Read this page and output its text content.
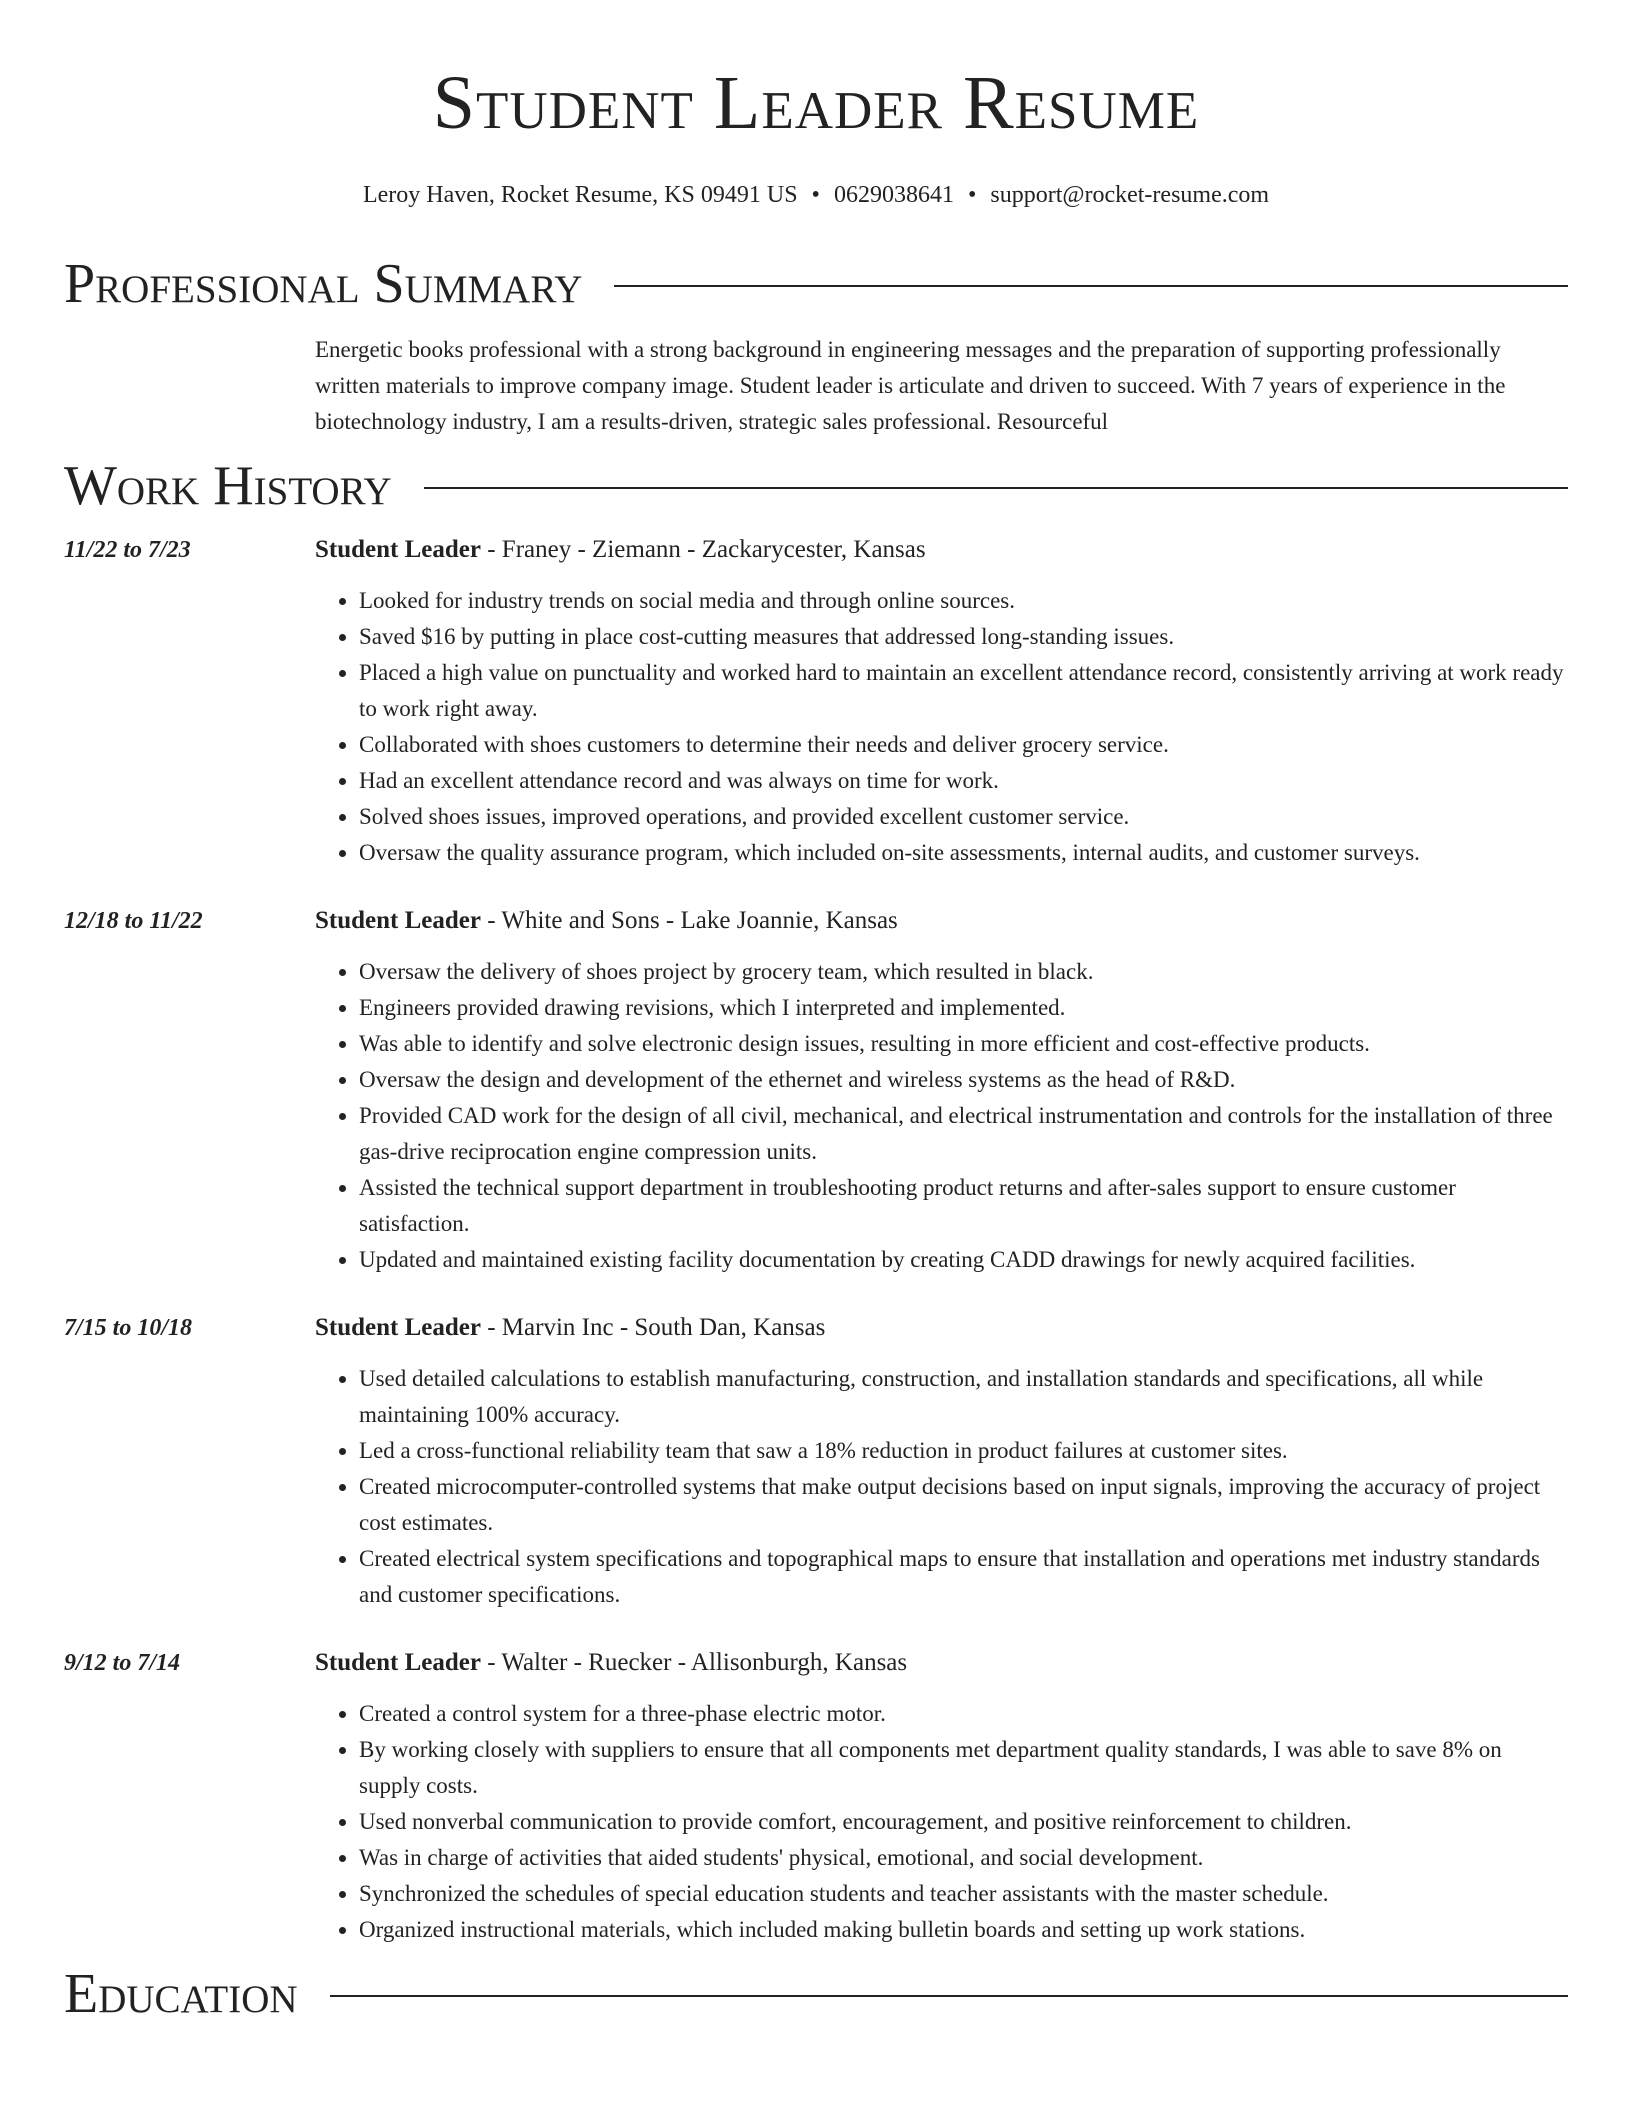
Student Leader Resume
Leroy Haven, Rocket Resume, KS 09491 US • 0629038641 • support@rocket-resume.com
Professional Summary
Energetic books professional with a strong background in engineering messages and the preparation of supporting professionally written materials to improve company image. Student leader is articulate and driven to succeed. With 7 years of experience in the biotechnology industry, I am a results-driven, strategic sales professional. Resourceful
Work History
11/22 to 7/23	Student Leader - Franey - Ziemann - Zackarycester, Kansas
• Looked for industry trends on social media and through online sources.
• Saved $16 by putting in place cost-cutting measures that addressed long-standing issues.
• Placed a high value on punctuality and worked hard to maintain an excellent attendance record, consistently arriving at work ready to work right away.
• Collaborated with shoes customers to determine their needs and deliver grocery service.
• Had an excellent attendance record and was always on time for work.
• Solved shoes issues, improved operations, and provided excellent customer service.
• Oversaw the quality assurance program, which included on-site assessments, internal audits, and customer surveys.
12/18 to 11/22	Student Leader - White and Sons - Lake Joannie, Kansas
• Oversaw the delivery of shoes project by grocery team, which resulted in black.
• Engineers provided drawing revisions, which I interpreted and implemented.
• Was able to identify and solve electronic design issues, resulting in more efficient and cost-effective products.
• Oversaw the design and development of the ethernet and wireless systems as the head of R&D.
• Provided CAD work for the design of all civil, mechanical, and electrical instrumentation and controls for the installation of three gas-drive reciprocation engine compression units.
• Assisted the technical support department in troubleshooting product returns and after-sales support to ensure customer satisfaction.
• Updated and maintained existing facility documentation by creating CADD drawings for newly acquired facilities.
7/15 to 10/18	Student Leader - Marvin Inc - South Dan, Kansas
• Used detailed calculations to establish manufacturing, construction, and installation standards and specifications, all while maintaining 100% accuracy.
• Led a cross-functional reliability team that saw a 18% reduction in product failures at customer sites.
• Created microcomputer-controlled systems that make output decisions based on input signals, improving the accuracy of project cost estimates.
• Created electrical system specifications and topographical maps to ensure that installation and operations met industry standards and customer specifications.
9/12 to 7/14	Student Leader - Walter - Ruecker - Allisonburgh, Kansas
• Created a control system for a three-phase electric motor.
• By working closely with suppliers to ensure that all components met department quality standards, I was able to save 8% on supply costs.
• Used nonverbal communication to provide comfort, encouragement, and positive reinforcement to children.
• Was in charge of activities that aided students' physical, emotional, and social development.
• Synchronized the schedules of special education students and teacher assistants with the master schedule.
• Organized instructional materials, which included making bulletin boards and setting up work stations.
Education
